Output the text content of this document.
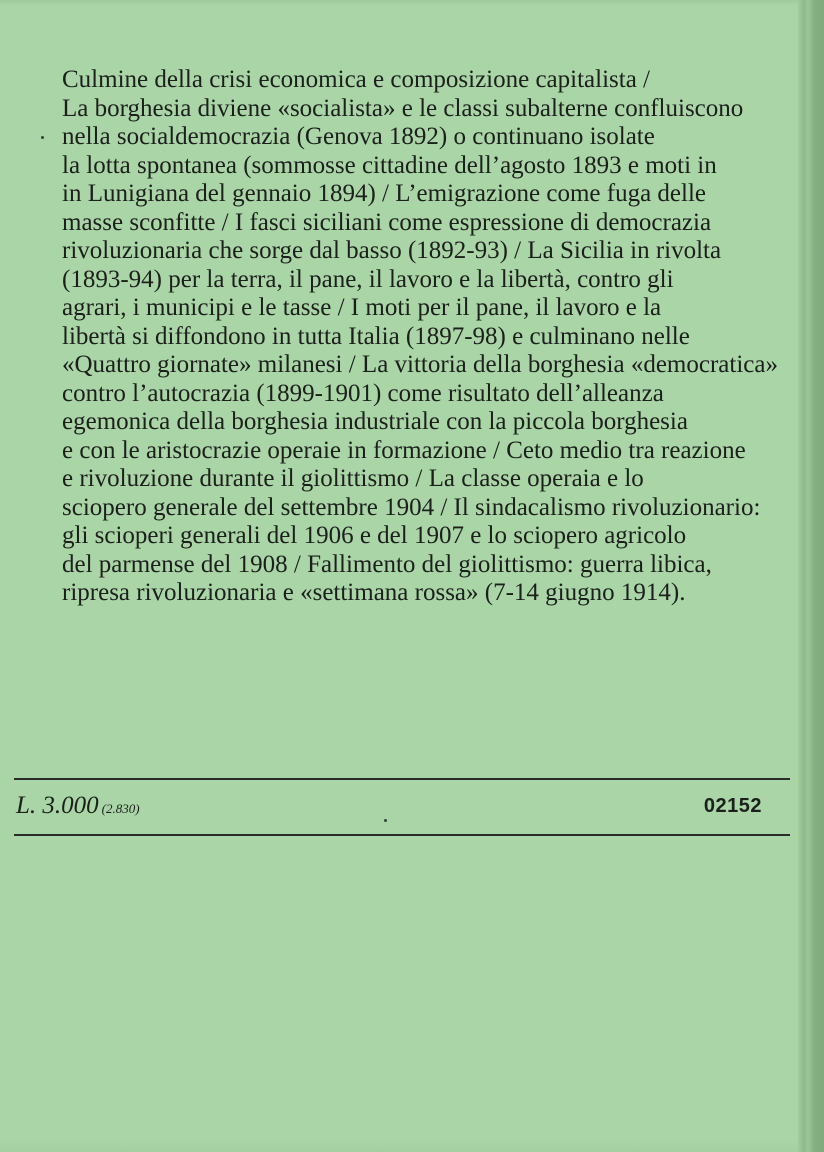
Culmine della crisi economica e composizione capitalista /
La borghesia diviene «socialista» e le classi subalterne confluiscono
nella socialdemocrazia (Genova 1892) o continuano isolate
la lotta spontanea (sommosse cittadine dell’agosto 1893 e moti in
in Lunigiana del gennaio 1894) / L’emigrazione come fuga delle
masse sconfitte / I fasci siciliani come espressione di democrazia
rivoluzionaria che sorge dal basso (1892-93) / La Sicilia in rivolta
(1893-94) per la terra, il pane, il lavoro e la libertà, contro gli
agrari, i municipi e le tasse / I moti per il pane, il lavoro e la
libertà si diffondono in tutta Italia (1897-98) e culminano nelle
«Quattro giornate» milanesi / La vittoria della borghesia «democratica»
contro l’autocrazia (1899-1901) come risultato dell’alleanza
egemonica della borghesia industriale con la piccola borghesia
e con le aristocrazie operaie in formazione / Ceto medio tra reazione
e rivoluzione durante il giolittismo / La classe operaia e lo
sciopero generale del settembre 1904 / Il sindacalismo rivoluzionario:
gli scioperi generali del 1906 e del 1907 e lo sciopero agricolo
del parmense del 1908 / Fallimento del giolittismo: guerra libica,
ripresa rivoluzionaria e «settimana rossa» (7-14 giugno 1914).
L. 3.000 (2.830)	02152
